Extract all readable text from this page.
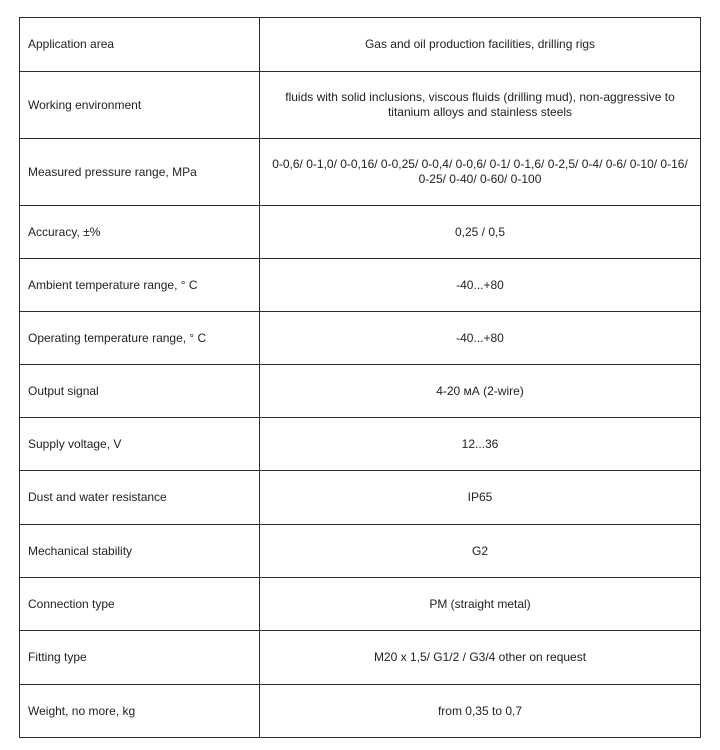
Application area	Gas and oil production facilities, drilling rigs
Working environment	fluids with solid inclusions, viscous fluids (drilling mud), non-aggressive to titanium alloys and stainless steels
Measured pressure range, MPa	0-0,6/ 0-1,0/ 0-0,16/ 0-0,25/ 0-0,4/ 0-0,6/ 0-1/ 0-1,6/ 0-2,5/ 0-4/ 0-6/ 0-10/ 0-16/ 0-25/ 0-40/ 0-60/ 0-100
Accuracy, ±%	0,25 / 0,5
Ambient temperature range, ° C	-40...+80
Operating temperature range, ° C	-40...+80
Output signal	4-20 мА (2-wire)
Supply voltage, V	12...36
Dust and water resistance	IP65
Mechanical stability	G2
Connection type	PM (straight metal)
Fitting type	M20 x 1,5/ G1/2 / G3/4 other on request
Weight, no more, kg	from 0,35 to 0,7
